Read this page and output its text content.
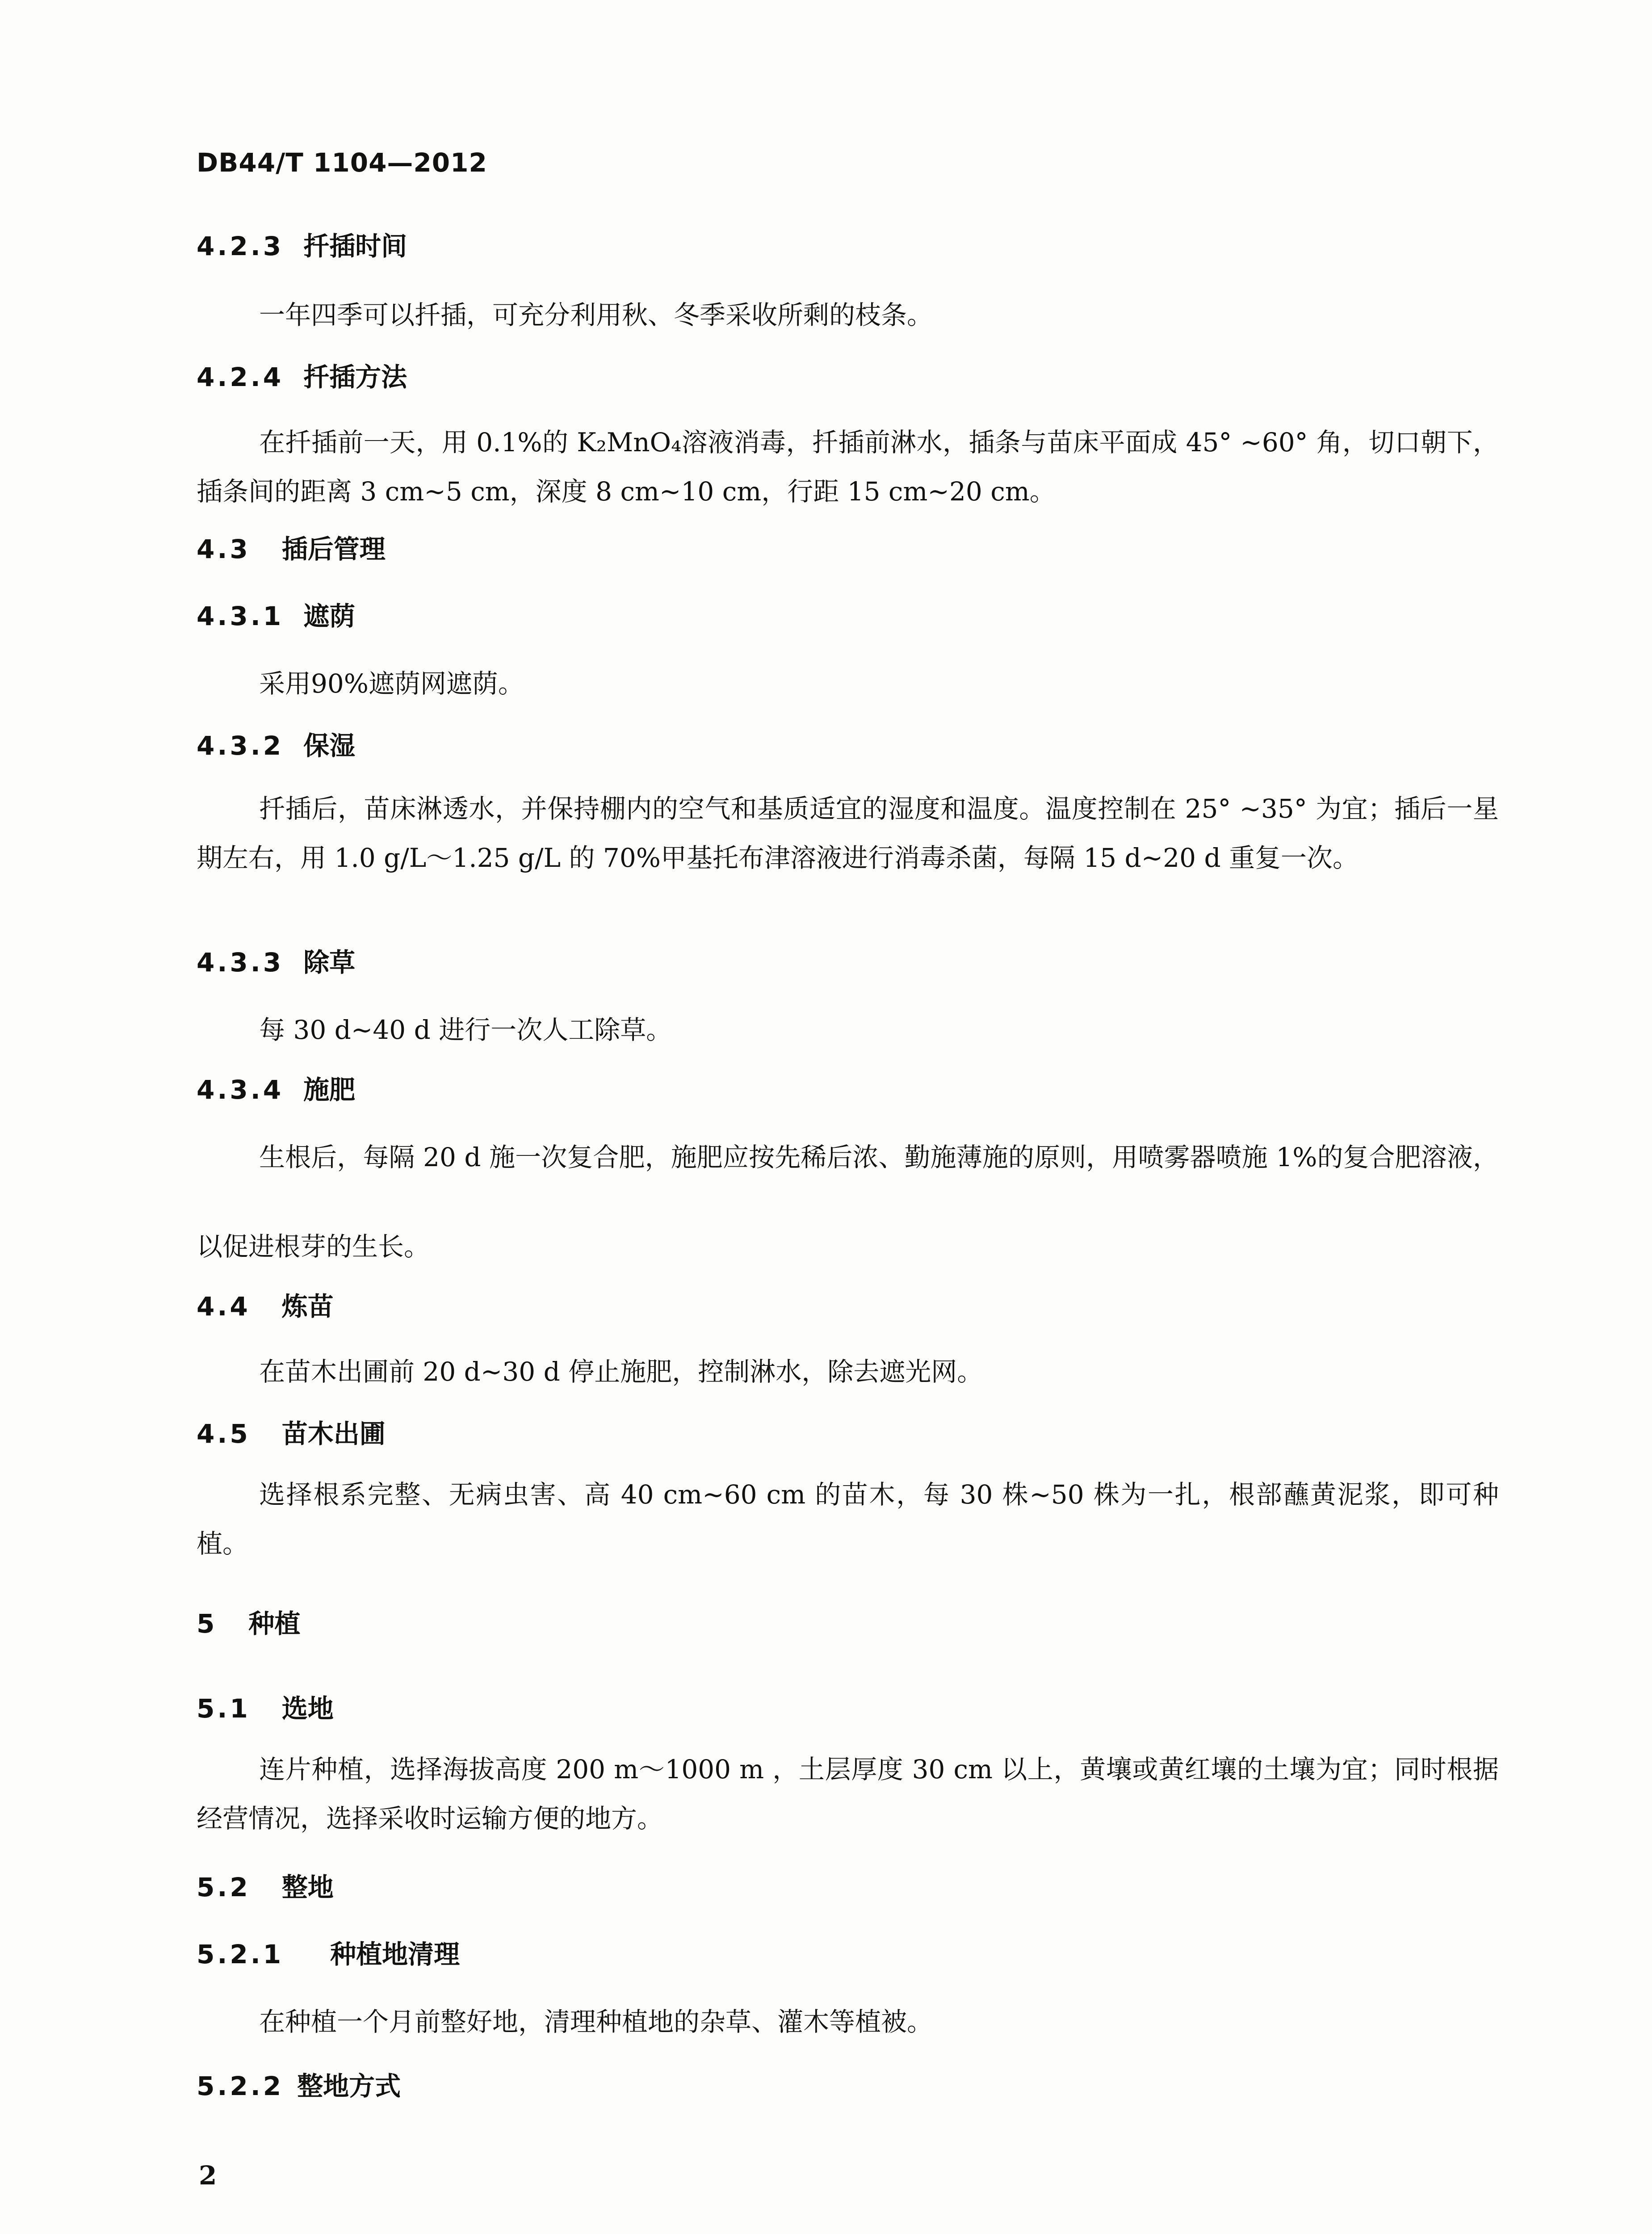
DB44/T 1104—2012
4.2.3 扦插时间
一年四季可以扦插，可充分利用秋、冬季采收所剩的枝条。
4.2.4 扦插方法
在扦插前一天，用 0.1%的 K₂MnO₄溶液消毒，扦插前淋水，插条与苗床平面成 45° ~60° 角，切口朝下，插条间的距离 3 cm~5 cm，深度 8 cm~10 cm，行距 15 cm~20 cm。
4.3 插后管理
4.3.1 遮荫
采用90%遮荫网遮荫。
4.3.2 保湿
扦插后，苗床淋透水，并保持棚内的空气和基质适宜的湿度和温度。温度控制在 25° ~35° 为宜；插后一星期左右，用 1.0 g/L～1.25 g/L 的 70%甲基托布津溶液进行消毒杀菌，每隔 15 d~20 d 重复一次。
4.3.3 除草
每 30 d~40 d 进行一次人工除草。
4.3.4 施肥
生根后，每隔 20 d 施一次复合肥，施肥应按先稀后浓、勤施薄施的原则，用喷雾器喷施 1%的复合肥溶液，以促进根芽的生长。
4.4 炼苗
在苗木出圃前 20 d~30 d 停止施肥，控制淋水，除去遮光网。
4.5 苗木出圃
选择根系完整、无病虫害、高 40 cm~60 cm 的苗木，每 30 株~50 株为一扎，根部蘸黄泥浆，即可种植。
5 种植
5.1 选地
连片种植，选择海拔高度 200 m～1000 m ，土层厚度 30 cm 以上，黄壤或黄红壤的土壤为宜；同时根据经营情况，选择采收时运输方便的地方。
5.2 整地
5.2.1 种植地清理
在种植一个月前整好地，清理种植地的杂草、灌木等植被。
5.2.2 整地方式
2
